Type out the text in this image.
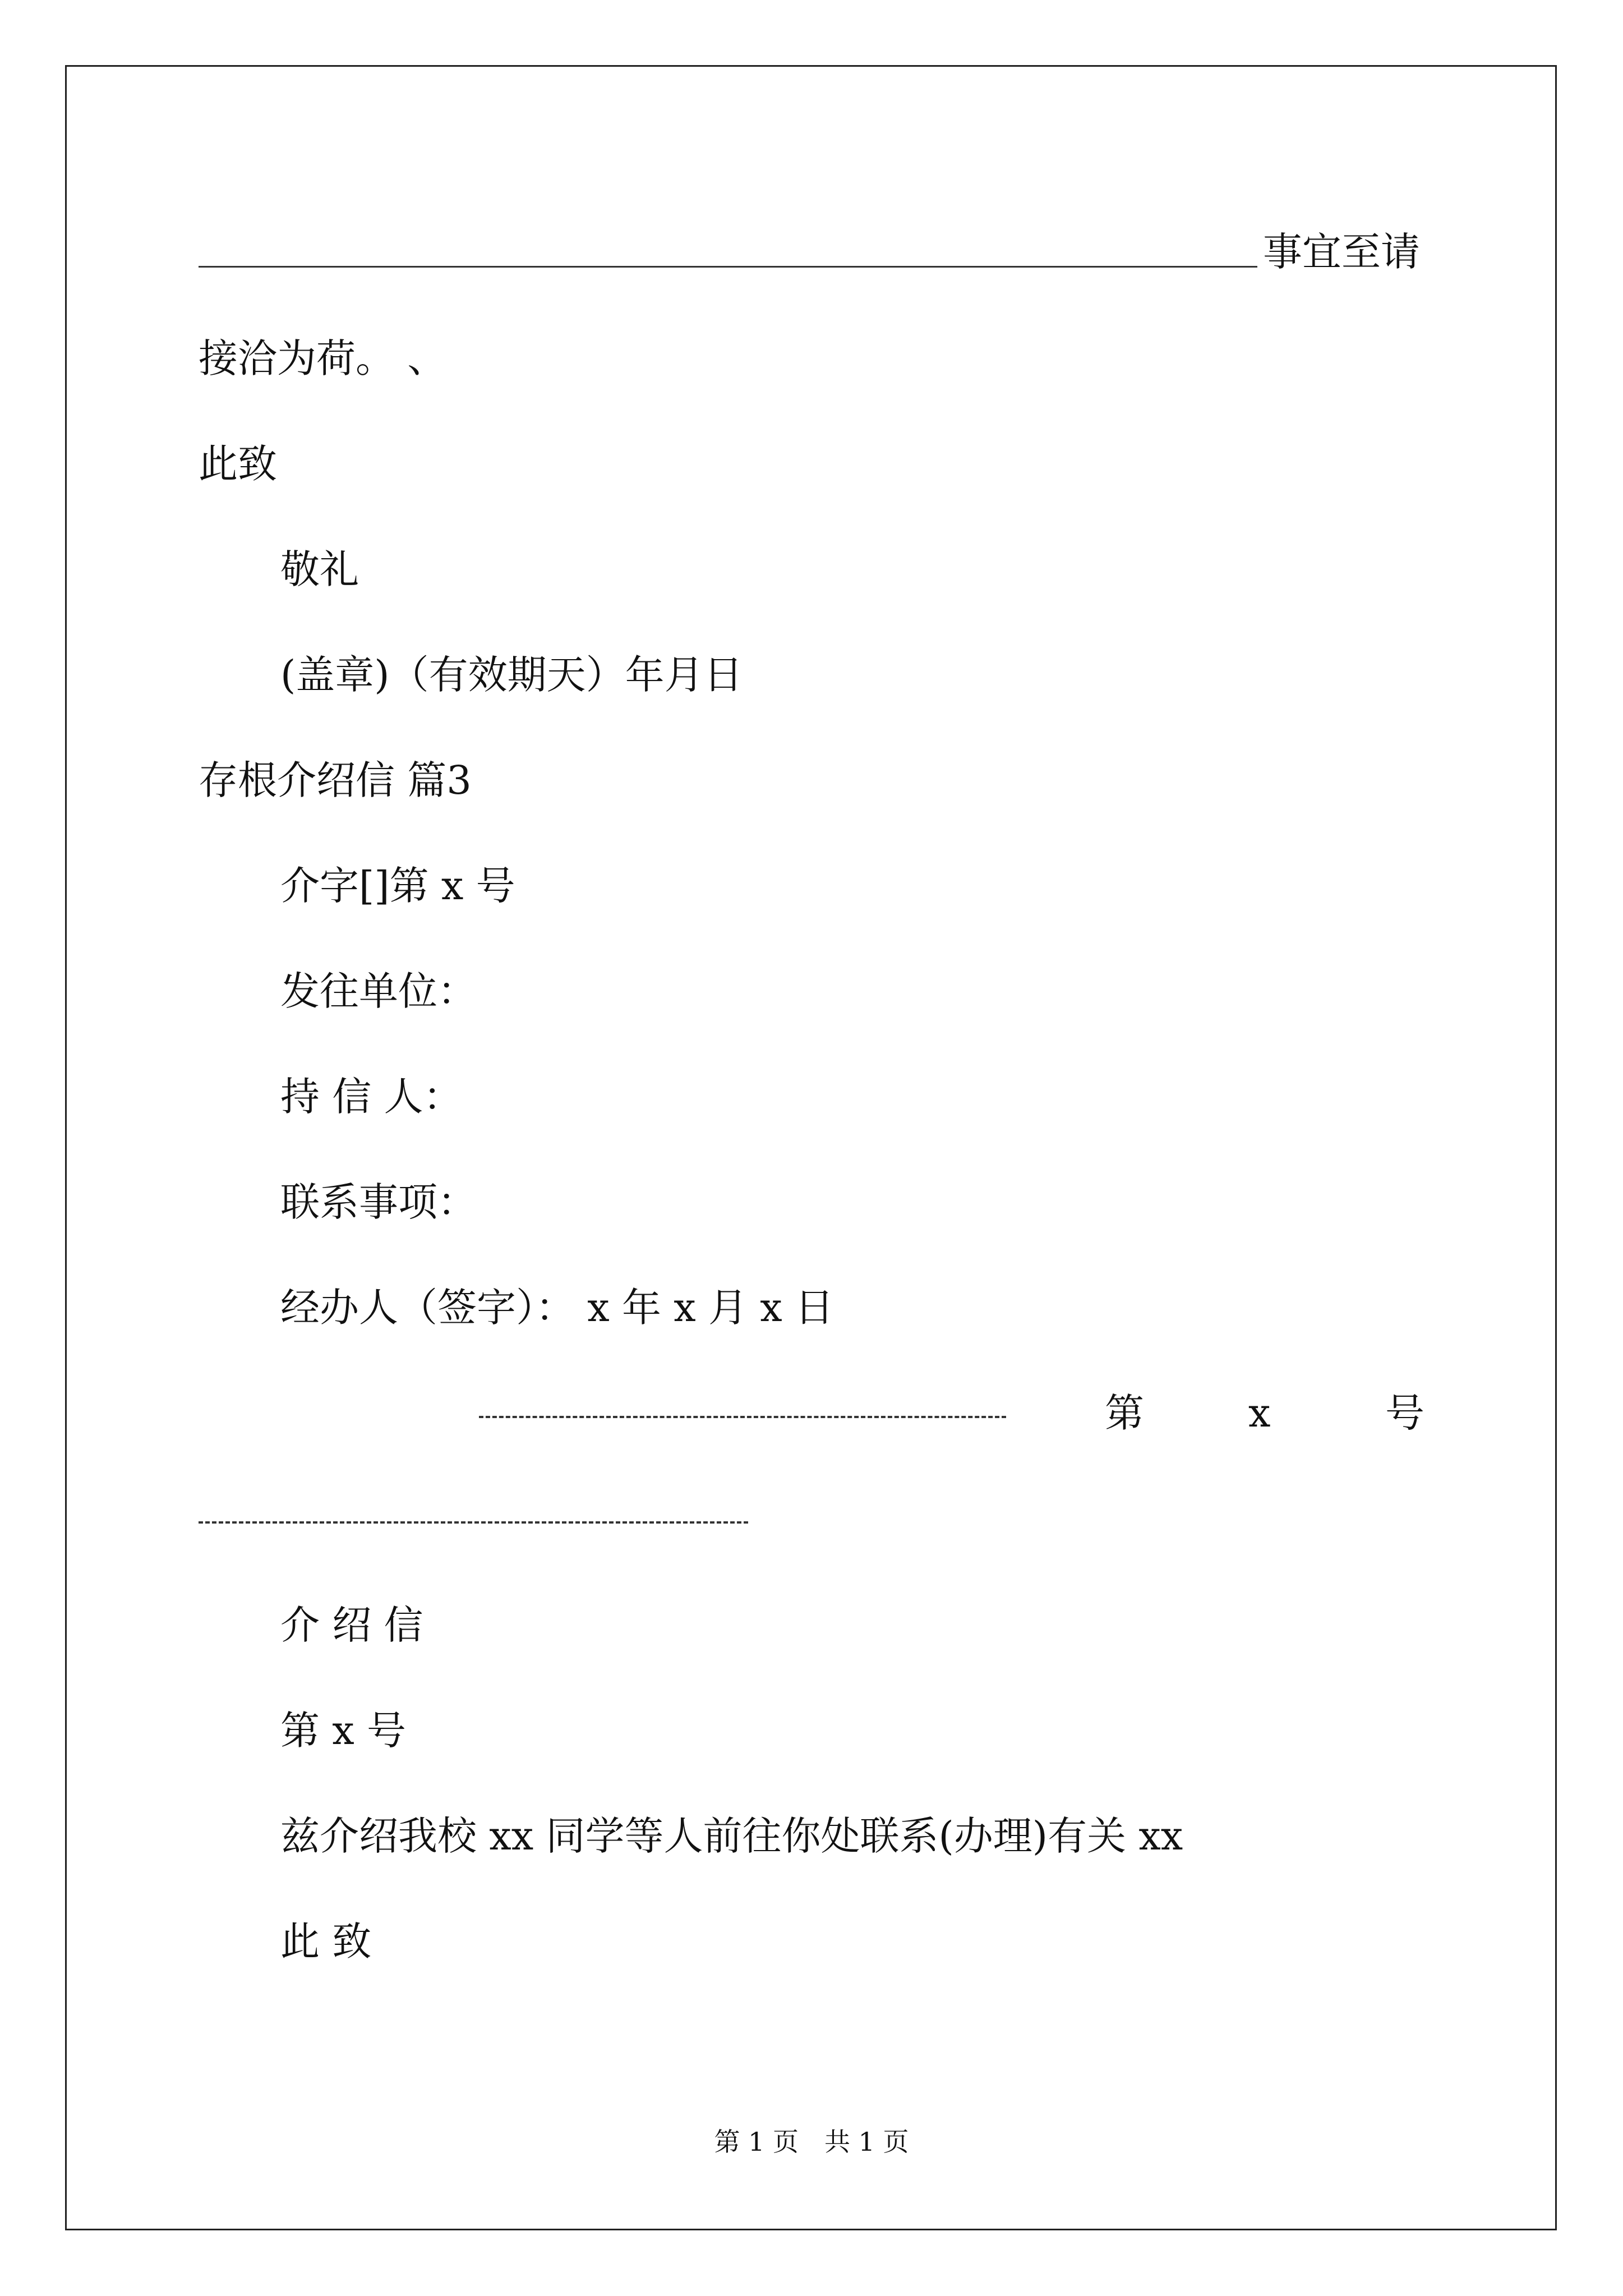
事宜至请
接洽为荷。 、
此致
敬礼
(盖章)（有效期天）年月日
存根介绍信 篇3
介字[]第 x 号
发往单位：
持 信 人：
联系事项：
经办人（签字）： x 年 x 月 x 日
第	x	号
介 绍 信
第 x 号
兹介绍我校 xx 同学等人前往你处联系(办理)有关 xx
此 致
第 1 页　共 1 页
